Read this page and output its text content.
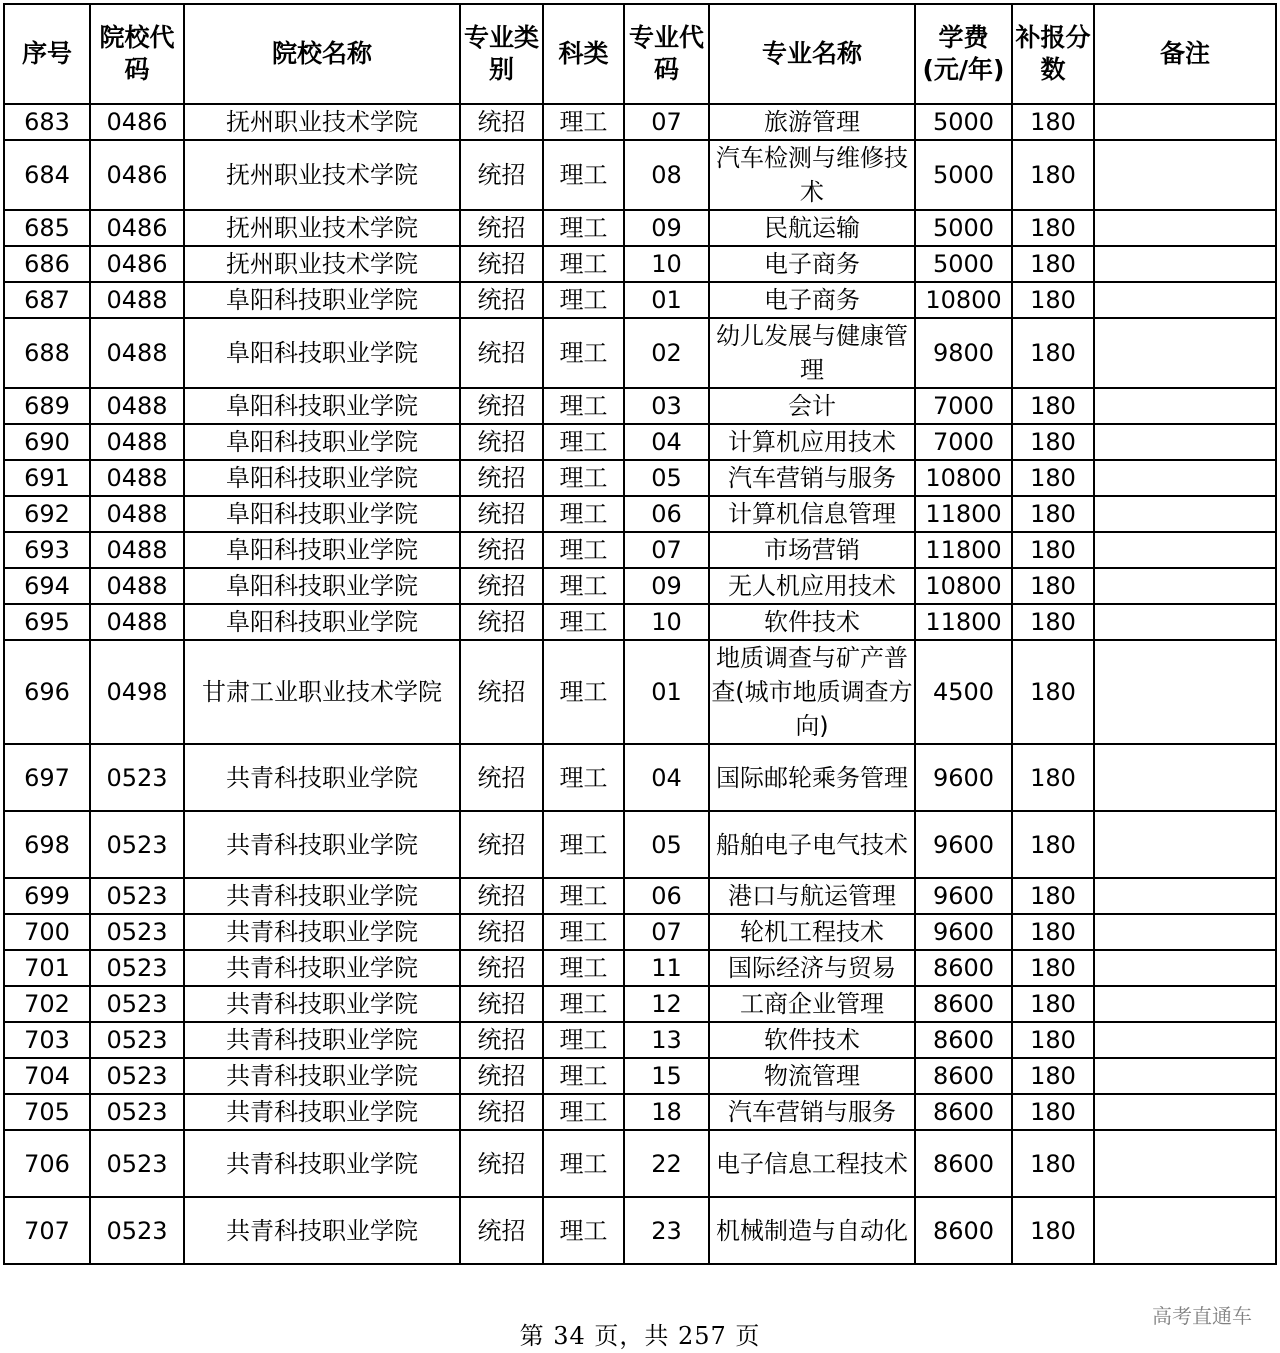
序号	院校代码	院校名称	专业类别	科类	专业代码	专业名称	学费(元/年)	补报分数	备注
683	0486	抚州职业技术学院	统招	理工	07	旅游管理	5000	180	
684	0486	抚州职业技术学院	统招	理工	08	汽车检测与维修技术	5000	180	
685	0486	抚州职业技术学院	统招	理工	09	民航运输	5000	180	
686	0486	抚州职业技术学院	统招	理工	10	电子商务	5000	180	
687	0488	阜阳科技职业学院	统招	理工	01	电子商务	10800	180	
688	0488	阜阳科技职业学院	统招	理工	02	幼儿发展与健康管理	9800	180	
689	0488	阜阳科技职业学院	统招	理工	03	会计	7000	180	
690	0488	阜阳科技职业学院	统招	理工	04	计算机应用技术	7000	180	
691	0488	阜阳科技职业学院	统招	理工	05	汽车营销与服务	10800	180	
692	0488	阜阳科技职业学院	统招	理工	06	计算机信息管理	11800	180	
693	0488	阜阳科技职业学院	统招	理工	07	市场营销	11800	180	
694	0488	阜阳科技职业学院	统招	理工	09	无人机应用技术	10800	180	
695	0488	阜阳科技职业学院	统招	理工	10	软件技术	11800	180	
696	0498	甘肃工业职业技术学院	统招	理工	01	地质调查与矿产普查(城市地质调查方向)	4500	180	
697	0523	共青科技职业学院	统招	理工	04	国际邮轮乘务管理	9600	180	
698	0523	共青科技职业学院	统招	理工	05	船舶电子电气技术	9600	180	
699	0523	共青科技职业学院	统招	理工	06	港口与航运管理	9600	180	
700	0523	共青科技职业学院	统招	理工	07	轮机工程技术	9600	180	
701	0523	共青科技职业学院	统招	理工	11	国际经济与贸易	8600	180	
702	0523	共青科技职业学院	统招	理工	12	工商企业管理	8600	180	
703	0523	共青科技职业学院	统招	理工	13	软件技术	8600	180	
704	0523	共青科技职业学院	统招	理工	15	物流管理	8600	180	
705	0523	共青科技职业学院	统招	理工	18	汽车营销与服务	8600	180	
706	0523	共青科技职业学院	统招	理工	22	电子信息工程技术	8600	180	
707	0523	共青科技职业学院	统招	理工	23	机械制造与自动化	8600	180	
第 34 页，共 257 页
高考直通车
